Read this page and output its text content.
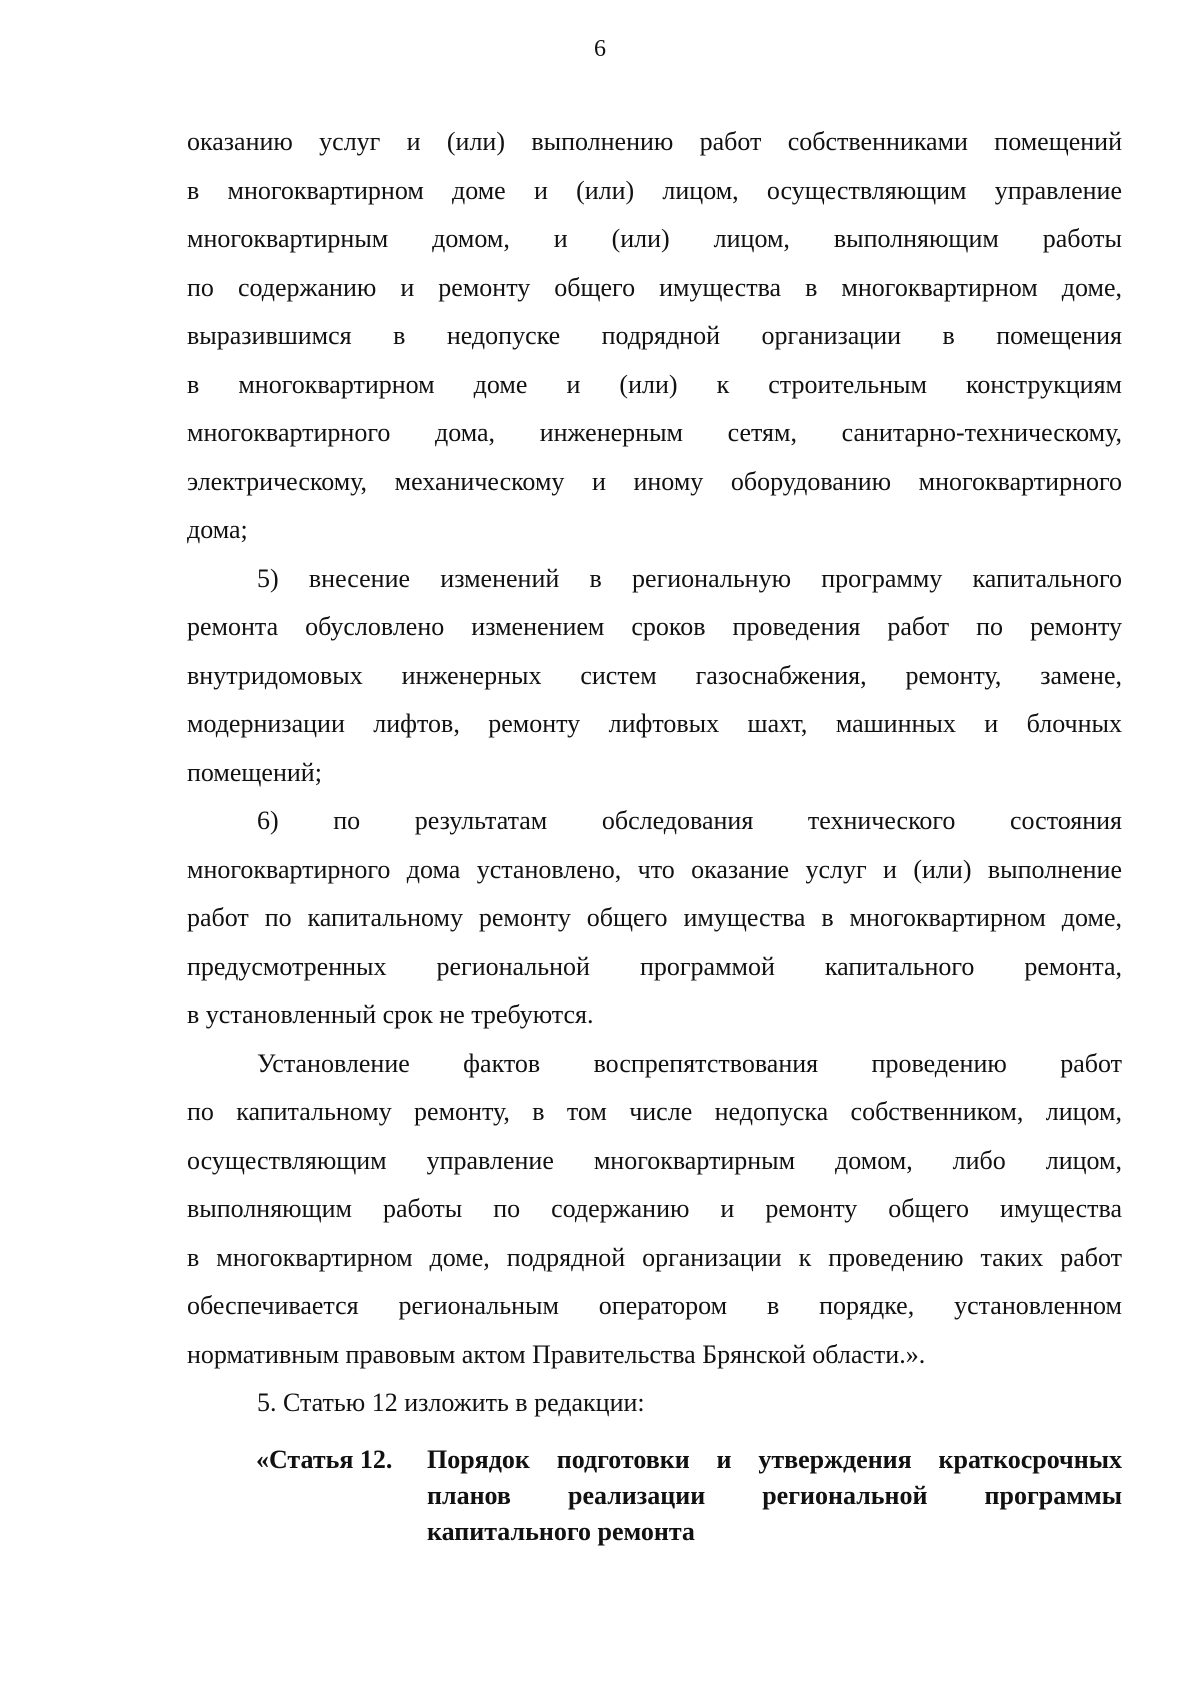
6
оказанию услуг и (или) выполнению работ собственниками помещений
в многоквартирном доме и (или) лицом, осуществляющим управление
многоквартирным домом, и (или) лицом, выполняющим работы
по содержанию и ремонту общего имущества в многоквартирном доме,
выразившимся в недопуске подрядной организации в помещения
в многоквартирном доме и (или) к строительным конструкциям
многоквартирного дома, инженерным сетям, санитарно-техническому,
электрическому, механическому и иному оборудованию многоквартирного
дома;
5) внесение изменений в региональную программу капитального
ремонта обусловлено изменением сроков проведения работ по ремонту
внутридомовых инженерных систем газоснабжения, ремонту, замене,
модернизации лифтов, ремонту лифтовых шахт, машинных и блочных
помещений;
6) по результатам обследования технического состояния
многоквартирного дома установлено, что оказание услуг и (или) выполнение
работ по капитальному ремонту общего имущества в многоквартирном доме,
предусмотренных региональной программой капитального ремонта,
в установленный срок не требуются.
Установление фактов воспрепятствования проведению работ
по капитальному ремонту, в том числе недопуска собственником, лицом,
осуществляющим управление многоквартирным домом, либо лицом,
выполняющим работы по содержанию и ремонту общего имущества
в многоквартирном доме, подрядной организации к проведению таких работ
обеспечивается региональным оператором в порядке, установленном
нормативным правовым актом Правительства Брянской области.».
5. Статью 12 изложить в редакции:
«Статья 12. Порядок подготовки и утверждения краткосрочных
планов реализации региональной программы
капитального ремонта
